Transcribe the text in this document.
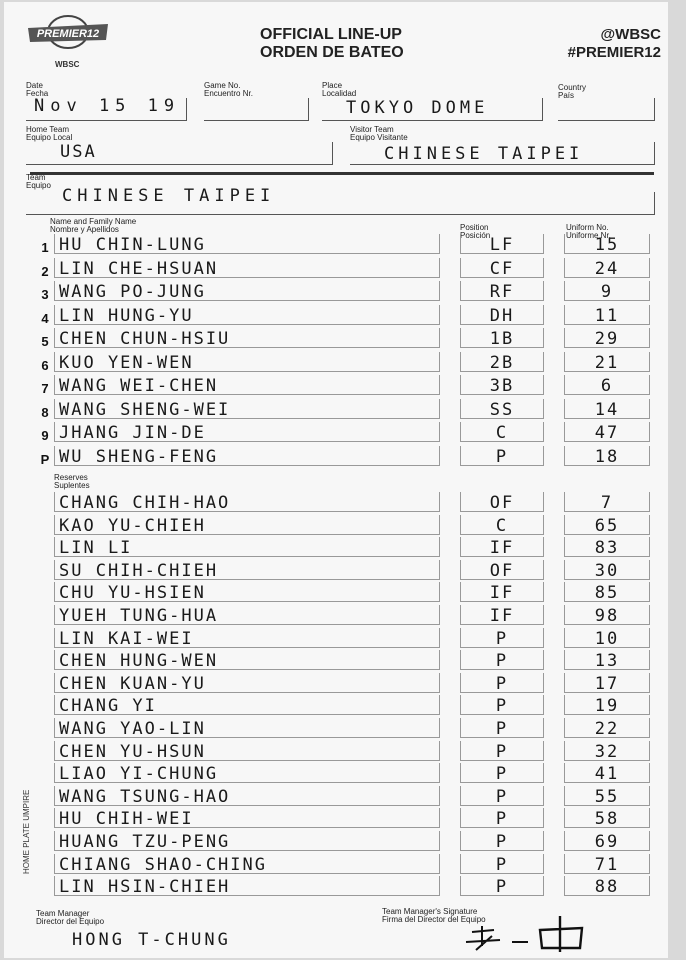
PREMIER12
WBSC
OFFICIAL LINE-UP
ORDEN DE BATEO
@WBSC
#PREMIER12
Date
Fecha
Nov 15 19
Game No.
Encuentro Nr.
Place
Localidad
TOKYO DOME
Country
País
Home Team
Equipo Local
USA
Visitor Team
Equipo Visitante
CHINESE TAIPEI
Team
Equipo
CHINESE TAIPEI
Name and Family Name
Nombre y Apellidos	Position
Posición
Uniform No.
Uniforme Nr.
1 HU CHIN-LUNG	LF	15
2 LIN CHE-HSUAN	CF	24
3 WANG PO-JUNG	RF	9
4 LIN HUNG-YU	DH	11
5 CHEN CHUN-HSIU	1B	29
6 KUO YEN-WEN	2B	21
7 WANG WEI-CHEN	3B	6
8 WANG SHENG-WEI	SS	14
9 JHANG JIN-DE	C	47
P WU SHENG-FENG	P	18
Reserves
Suplentes
CHANG CHIH-HAO	OF	7
KAO YU-CHIEH	C	65
LIN LI	IF	83
SU CHIH-CHIEH	OF	30
CHU YU-HSIEN	IF	85
YUEH TUNG-HUA	IF	98
LIN KAI-WEI	P	10
CHEN HUNG-WEN	P	13
CHEN KUAN-YU	P	17
CHANG YI	P	19
WANG YAO-LIN	P	22
CHEN YU-HSUN	P	32
LIAO YI-CHUNG	P	41
WANG TSUNG-HAO	P	55
HU CHIH-WEI	P	58
HUANG TZU-PENG	P	69
CHIANG SHAO-CHING	P	71
LIN HSIN-CHIEH	P	88
HOME PLATE UMPIRE
Team Manager
Director del Equipo
HONG T-CHUNG
Team Manager's Signature
Firma del Director del Equipo
